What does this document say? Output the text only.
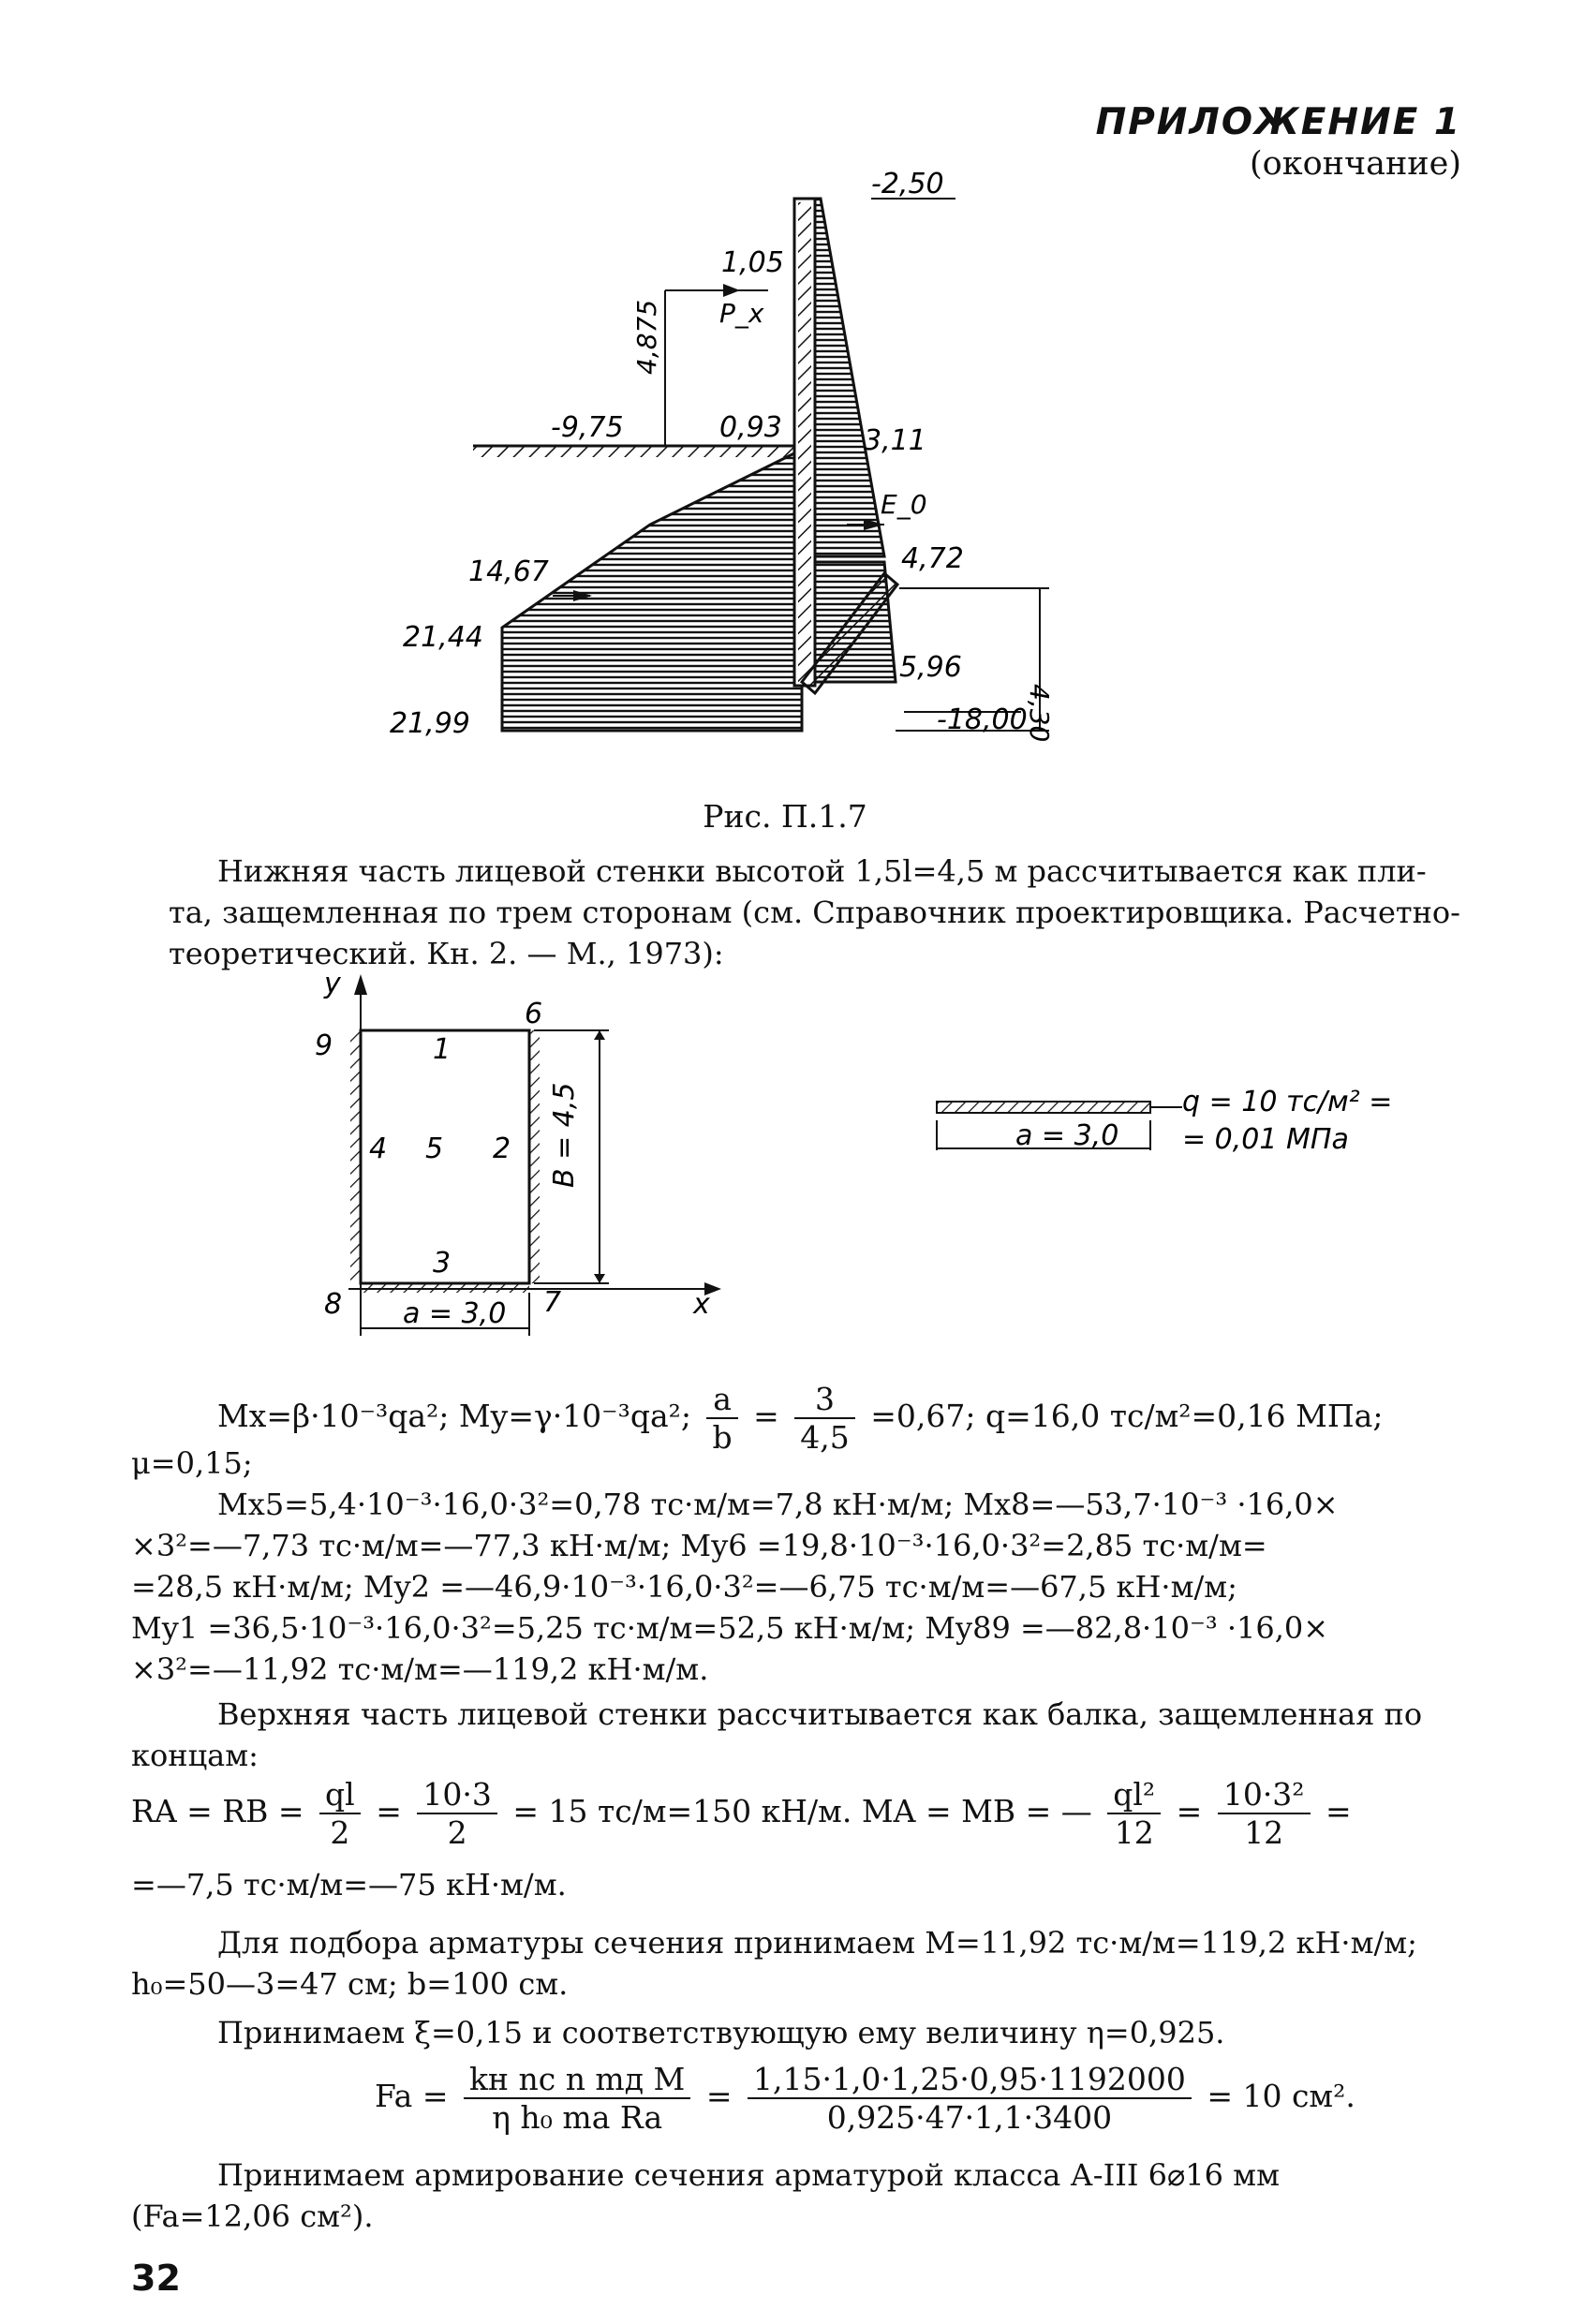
ПРИЛОЖЕНИЕ 1
(окончание)
-2,50
1,05
P_x
4,875
-9,75	0,93	3,11
E_0
4,72
14,67
21,44
21,99
5,96
4,30
-18,00
Рис. П.1.7
Нижняя часть лицевой стенки высотой 1,5l=4,5 м рассчитывается как пли-
та, защемленная по трем сторонам (см. Справочник проектировщика. Расчетно-
теоретический. Кн. 2. — М., 1973):
y
x
9
6
1
4 5 2
3
8	7
a = 3,0
B = 4,5	a = 3,0
q = 10 тс/м² =
= 0,01 МПа
Mx=β·10⁻³qa²; My=γ·10⁻³qa²; $\frac{a}{b} = \frac{3}{4,5} =0,67$; q=16,0 тс/м²=0,16 МПа;
μ=0,15;
Mx5=5,4·10⁻³·16,0·3²=0,78 тс·м/м=7,8 кН·м/м; Mx8=—53,7·10⁻³ ·16,0×
×3²=—7,73 тс·м/м=—77,3 кН·м/м; My6 =19,8·10⁻³·16,0·3²=2,85 тс·м/м=
=28,5 кН·м/м; My2 =—46,9·10⁻³·16,0·3²=—6,75 тс·м/м=—67,5 кН·м/м;
My1 =36,5·10⁻³·16,0·3²=5,25 тс·м/м=52,5 кН·м/м; My89 =—82,8·10⁻³ ·16,0×
×3²=—11,92 тс·м/м=—119,2 кН·м/м.
Верхняя часть лицевой стенки рассчитывается как балка, защемленная по
концам:
RA = RB = $\frac{ql}{2} = \frac{10\cdot 3}{2} = 15$ тс/м=150 кН/м. MA = MB = — $\frac{\text{ql²}}{12} = \frac{\text{10·3²}}{12}$ =
=—7,5 тс·м/м=—75 кН·м/м.
Для подбора арматуры сечения принимаем M=11,92 тс·м/м=119,2 кН·м/м;
h₀=50—3=47 см; b=100 см.
Принимаем ξ=0,15 и соответствующую ему величину η=0,925.
$Fa = \frac{\text{kн nc n mд M}}{\text{η h₀ ma Ra}} = \frac{1,15\cdot 1,0\cdot 1,25\cdot 0,95\cdot 1192000}{0,925\cdot 47\cdot 1,1\cdot 3400} = 10$ см².
Принимаем армирование сечения арматурой класса А-III 6⌀16 мм
(Fa=12,06 см²).
32
